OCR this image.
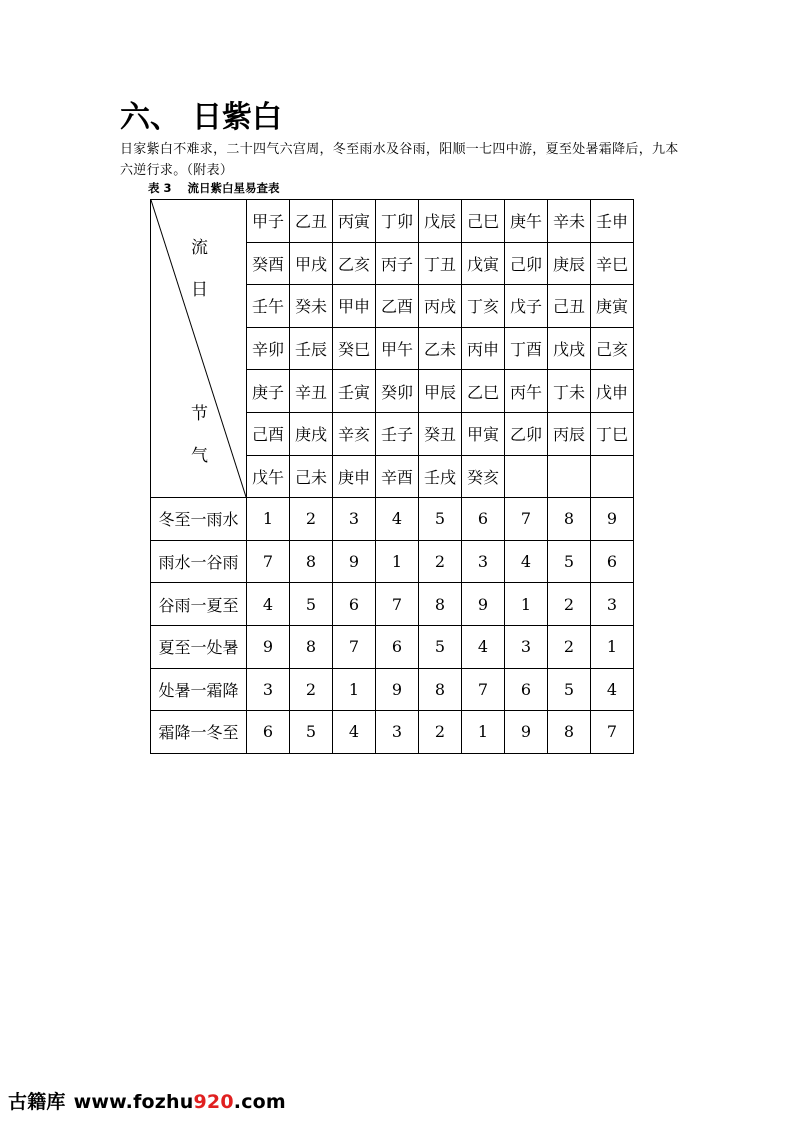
六、 日紫白
日家紫白不难求，二十四气六宫周，冬至雨水及谷雨，阳顺一七四中游，夏至处暑霜降后，九本六逆行求。（附表）
表 3 流日紫白星易查表
流
日
节
气	甲子	乙丑	丙寅	丁卯	戊辰	己巳	庚午	辛未	壬申
	癸酉	甲戌	乙亥	丙子	丁丑	戊寅	己卯	庚辰	辛巳
	壬午	癸未	甲申	乙酉	丙戌	丁亥	戊子	己丑	庚寅
	辛卯	壬辰	癸巳	甲午	乙未	丙申	丁酉	戊戌	己亥
	庚子	辛丑	壬寅	癸卯	甲辰	乙巳	丙午	丁未	戊申
	己酉	庚戌	辛亥	壬子	癸丑	甲寅	乙卯	丙辰	丁巳
	戊午	己未	庚申	辛酉	壬戌	癸亥			
冬至一雨水	1	2	3	4	5	6	7	8	9
雨水一谷雨	7	8	9	1	2	3	4	5	6
谷雨一夏至	4	5	6	7	8	9	1	2	3
夏至一处暑	9	8	7	6	5	4	3	2	1
处暑一霜降	3	2	1	9	8	7	6	5	4
霜降一冬至	6	5	4	3	2	1	9	8	7
古籍库 www.fozhu920.com
